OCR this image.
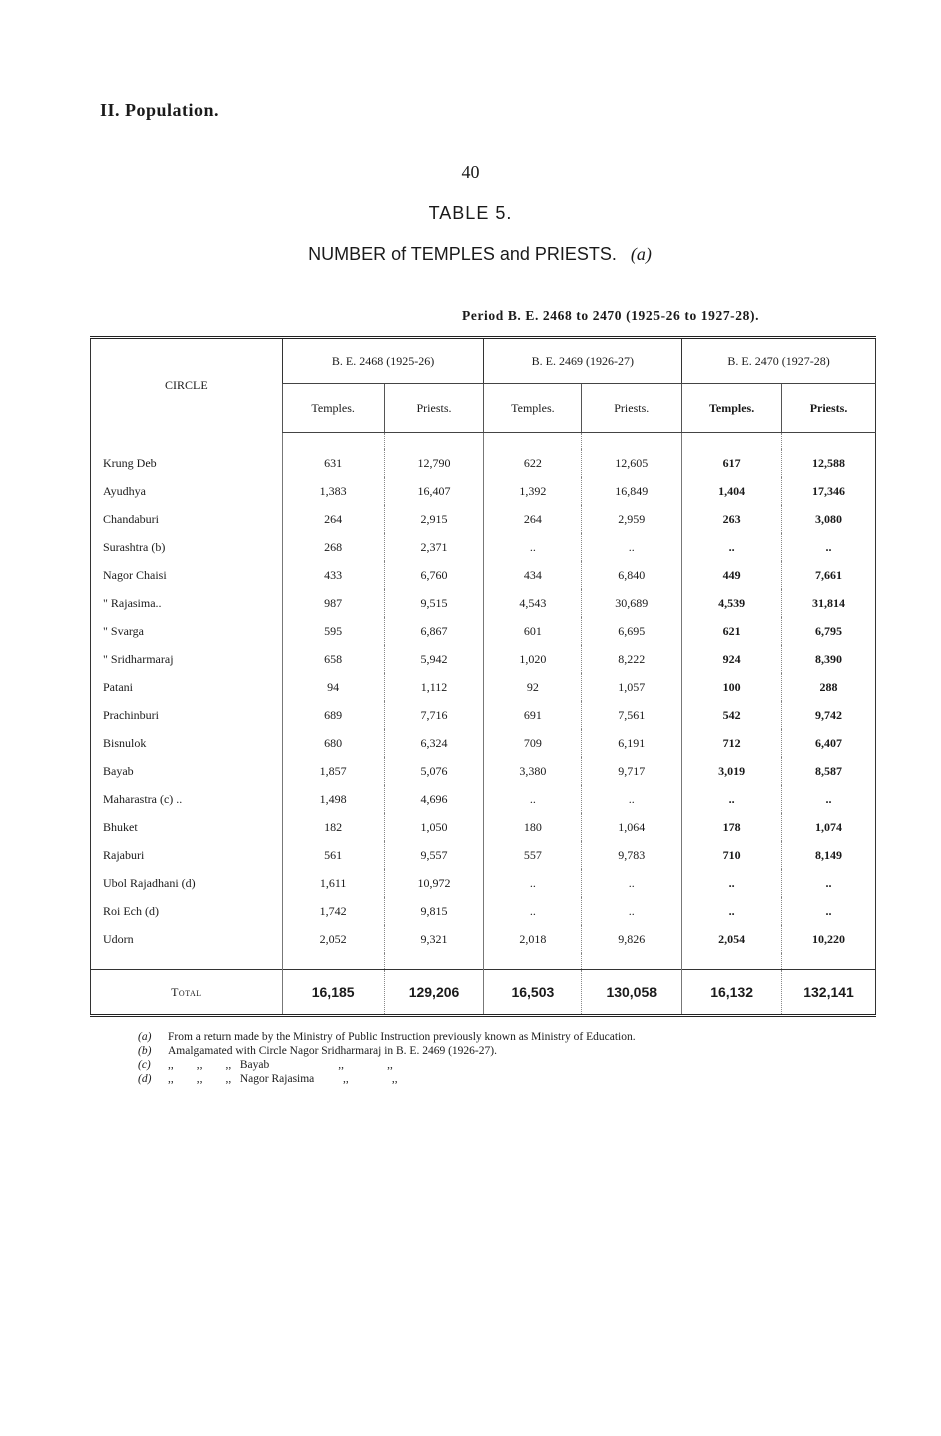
II. Population.
40
TABLE 5.
NUMBER of TEMPLES and PRIESTS. (a)
Period B. E. 2468 to 2470 (1925-26 to 1927-28).
CIRCLE	B. E. 2468 (1925-26)		B. E. 2469 (1926-27)		B. E. 2470 (1927-28)	
	Temples.	Priests.	Temples.	Priests.	Temples.	Priests.

Krung Deb	631	12,790	622	12,605	617	12,588
Ayudhya	1,383	16,407	1,392	16,849	1,404	17,346
Chandaburi	264	2,915	264	2,959	263	3,080
Surashtra (b)	268	2,371	..	..	..	..
Nagor Chaisi	433	6,760	434	6,840	449	7,661
" Rajasima..	987	9,515	4,543	30,689	4,539	31,814
" Svarga	595	6,867	601	6,695	621	6,795
" Sridharmaraj	658	5,942	1,020	8,222	924	8,390
Patani	94	1,112	92	1,057	100	288
Prachinburi	689	7,716	691	7,561	542	9,742
Bisnulok	680	6,324	709	6,191	712	6,407
Bayab	1,857	5,076	3,380	9,717	3,019	8,587
Maharastra (c) ..	1,498	4,696	..	..	..	..
Bhuket	182	1,050	180	1,064	178	1,074
Rajaburi	561	9,557	557	9,783	710	8,149
Ubol Rajadhani (d)	1,611	10,972	..	..	..	..
Roi Ech (d)	1,742	9,815	..	..	..	..
Udorn	2,052	9,321	2,018	9,826	2,054	10,220

Total	16,185	129,206	16,503	130,058	16,132	132,141
(a) From a return made by the Ministry of Public Instruction previously known as Ministry of Education.
(b) Amalgamated with Circle Nagor Sridharmaraj in B. E. 2469 (1926-27).
(c) ,,        ,,        ,,   Bayab                        ,,               ,,
(d) ,,        ,,        ,,   Nagor Rajasima          ,,               ,,
